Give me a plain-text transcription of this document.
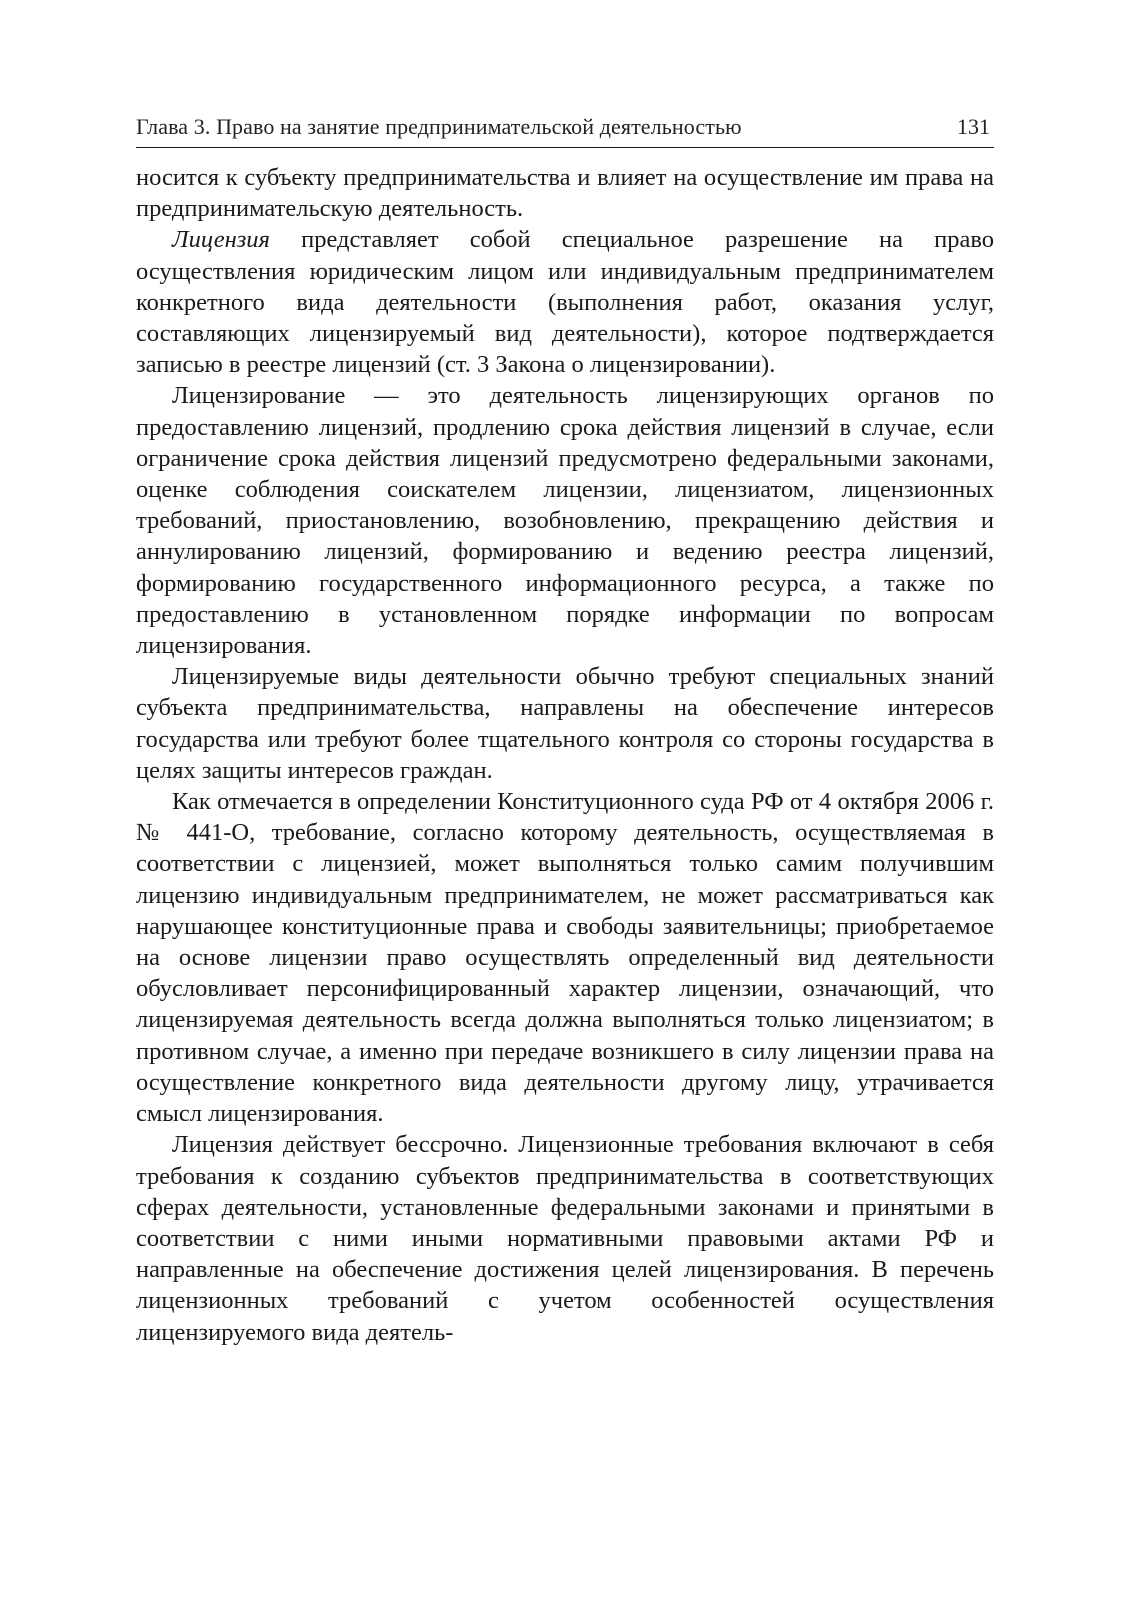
Глава 3. Право на занятие предпринимательской деятельностью	131

носится к субъекту предпринимательства и влияет на осуществление им права на предпринимательскую деятельность.

Лицензия представляет собой специальное разрешение на право осуществления юридическим лицом или индивидуальным предпринимателем конкретного вида деятельности (выполнения работ, оказания услуг, составляющих лицензируемый вид деятельности), которое подтверждается записью в реестре лицензий (ст. 3 Закона о лицензировании).

Лицензирование — это деятельность лицензирующих органов по предоставлению лицензий, продлению срока действия лицензий в случае, если ограничение срока действия лицензий предусмотрено федеральными законами, оценке соблюдения соискателем лицензии, лицензиатом, лицензионных требований, приостановлению, возобновлению, прекращению действия и аннулированию лицензий, формированию и ведению реестра лицензий, формированию государственного информационного ресурса, а также по предоставлению в установленном порядке информации по вопросам лицензирования.

Лицензируемые виды деятельности обычно требуют специальных знаний субъекта предпринимательства, направлены на обеспечение интересов государства или требуют более тщательного контроля со стороны государства в целях защиты интересов граждан.

Как отмечается в определении Конституционного суда РФ от 4 октября 2006 г. № 441-О, требование, согласно которому деятельность, осуществляемая в соответствии с лицензией, может выполняться только самим получившим лицензию индивидуальным предпринимателем, не может рассматриваться как нарушающее конституционные права и свободы заявительницы; приобретаемое на основе лицензии право осуществлять определенный вид деятельности обусловливает персонифицированный характер лицензии, означающий, что лицензируемая деятельность всегда должна выполняться только лицензиатом; в противном случае, а именно при передаче возникшего в силу лицензии права на осуществление конкретного вида деятельности другому лицу, утрачивается смысл лицензирования.

Лицензия действует бессрочно. Лицензионные требования включают в себя требования к созданию субъектов предпринимательства в соответствующих сферах деятельности, установленные федеральными законами и принятыми в соответствии с ними иными нормативными правовыми актами РФ и направленные на обеспечение достижения целей лицензирования. В перечень лицензионных требований с учетом особенностей осуществления лицензируемого вида деятель-
